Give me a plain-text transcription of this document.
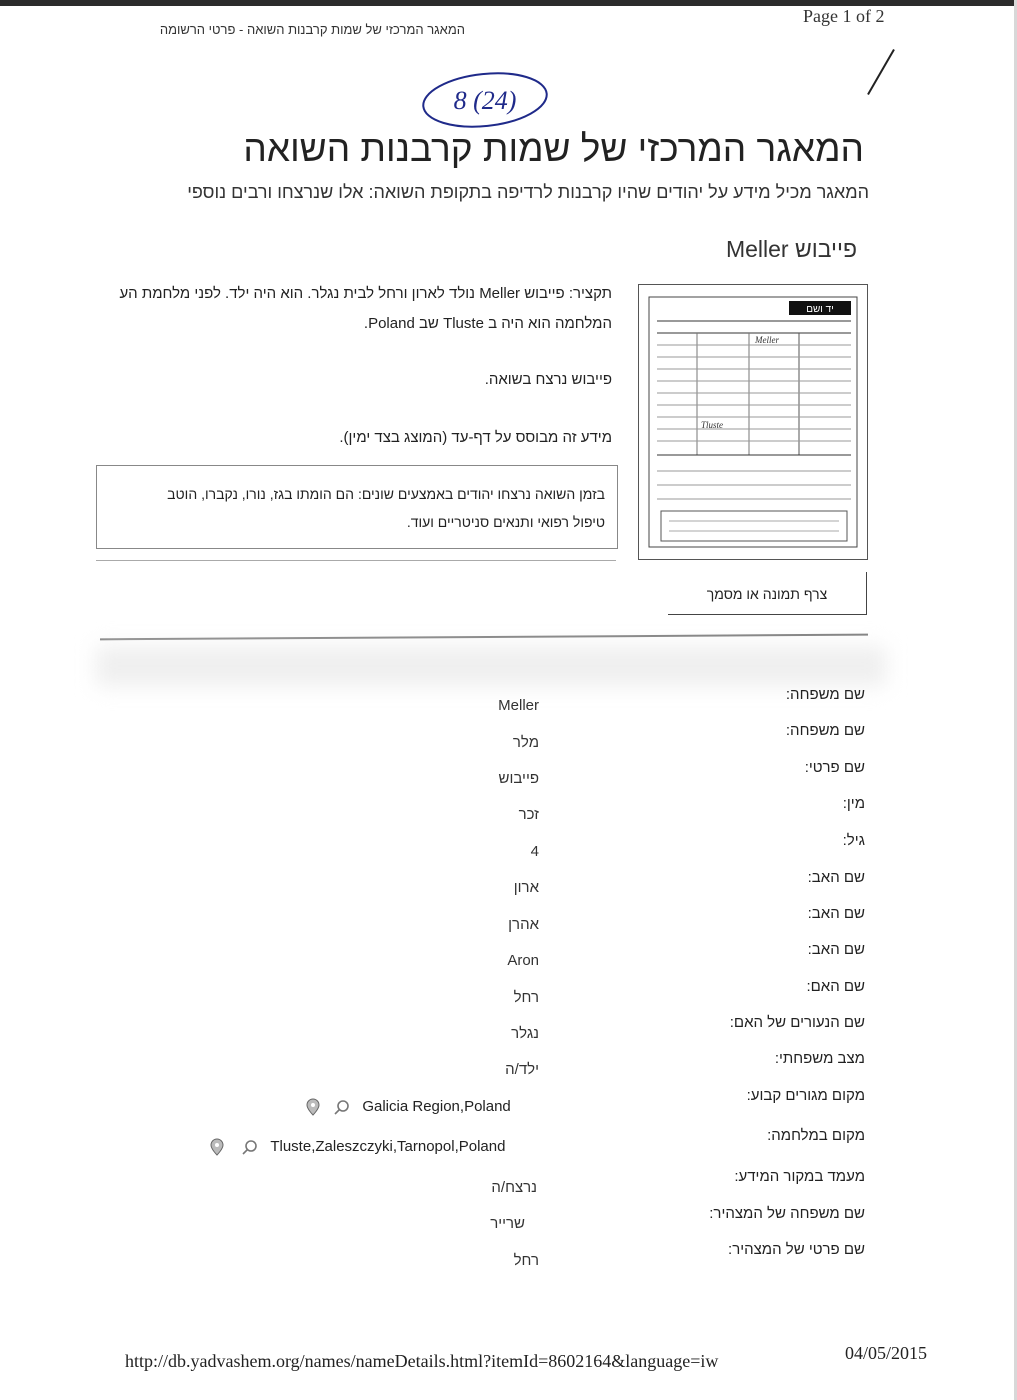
המאגר המרכזי של שמות קרבנות השואה - פרטי הרשומה
Page 1 of 2
8 (24)
המאגר המרכזי של שמות קרבנות השואה
המאגר מכיל מידע על יהודים שהיו קרבנות לרדיפה בתקופת השואה: אלו שנרצחו ורבים נוספי
פייבוש Meller

תקציר: פייבוש Meller נולד לארון ורחל לבית נגלר. הוא היה ילד. לפני מלחמת הע

המלחמה הוא היה ב Tluste שב Poland.

פייבוש נרצח בשואה.

מידע זה מבוסס על דף-עד (המוצג בצד ימין).

בזמן השואה נרצחו יהודים באמצעים שונים: הם הומתו בגז, נורו, נקברו, הוטב

טיפול רפואי ותנאים סניטריים ועוד.

יד ושם
Meller
Tluste
צרף תמונה או מסמך
שם משפחה:
Meller
שם משפחה:
מלר
שם פרטי:
פייבוש
מין:
זכר
גיל:
4
שם האב:
ארון
שם האב:
אהרן
שם האב:
Aron
שם האם:
רחל
שם הנעורים של האם:
נגלר
מצב משפחתי:
ילד/ה
מקום מגורים קבוע:
Galicia Region,Poland
מקום במלחמה:
Tluste,Zaleszczyki,Tarnopol,Poland
מעמד במקור המידע:
נרצח/ה
שם משפחה של המצהיר:
שרייר
שם פרטי של המצהיר:
רחל
http://db.yadvashem.org/names/nameDetails.html?itemId=8602164&language=iw	04/05/2015
